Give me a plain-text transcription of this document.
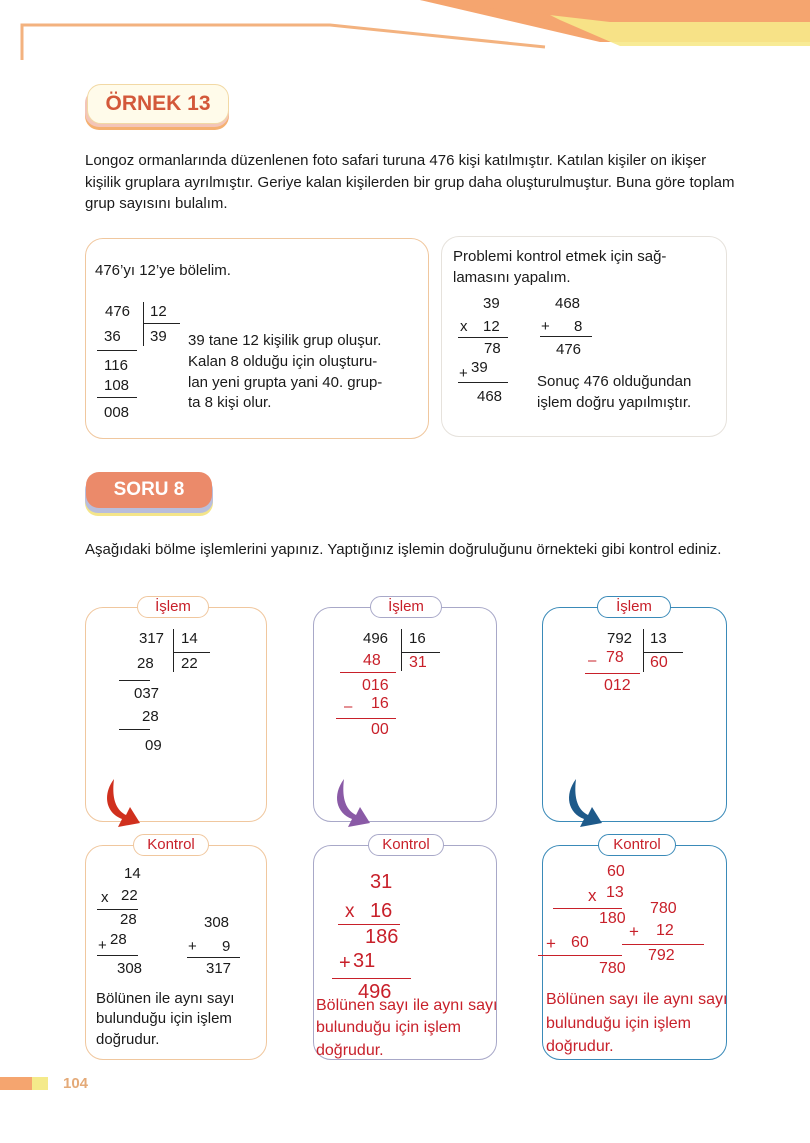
ÖRNEK 13
Longoz ormanlarında düzenlenen foto safari turuna 476 kişi katılmıştır. Katılan kişiler on ikişer kişilik gruplara ayrılmıştır. Geriye kalan kişilerden bir grup daha oluşturulmuştur. Buna göre toplam grup sayısını bulalım.
476’yı 12’ye bölelim.
476 12
36 39
116
108
008
39 tane 12 kişilik grup oluşur.
Kalan 8 olduğu için oluşturu-
lan yeni grupta yani 40. grup-
ta 8 kişi olur.
Problemi kontrol etmek için sağ-
lamasını yapalım.
39
x 12
78
+ 39
468
468
+ 8
476
Sonuç 476 olduğundan
işlem doğru yapılmıştır.
SORU 8
Aşağıdaki bölme işlemlerini yapınız. Yaptığınız işlemin doğruluğunu örnekteki gibi kontrol ediniz.
İşlem	İşlem	İşlem
317 14
28 22
037
28
09
496 16
48 31
016
16
–
00
792 13
– 78 60
012
Kontrol	Kontrol	Kontrol
14
x 22
28
+ 28
308
308
+ 9
317
Bölünen ile aynı sayı
bulunduğu için işlem
doğrudur.
31
x 16
186
+ 31
496
Bölünen sayı ile aynı sayı
bulunduğu için işlem
doğrudur.
60
x 13
180
+ 60
780
780
+ 12
792
Bölünen sayı ile aynı sayı
bulunduğu için işlem
doğrudur.
104
